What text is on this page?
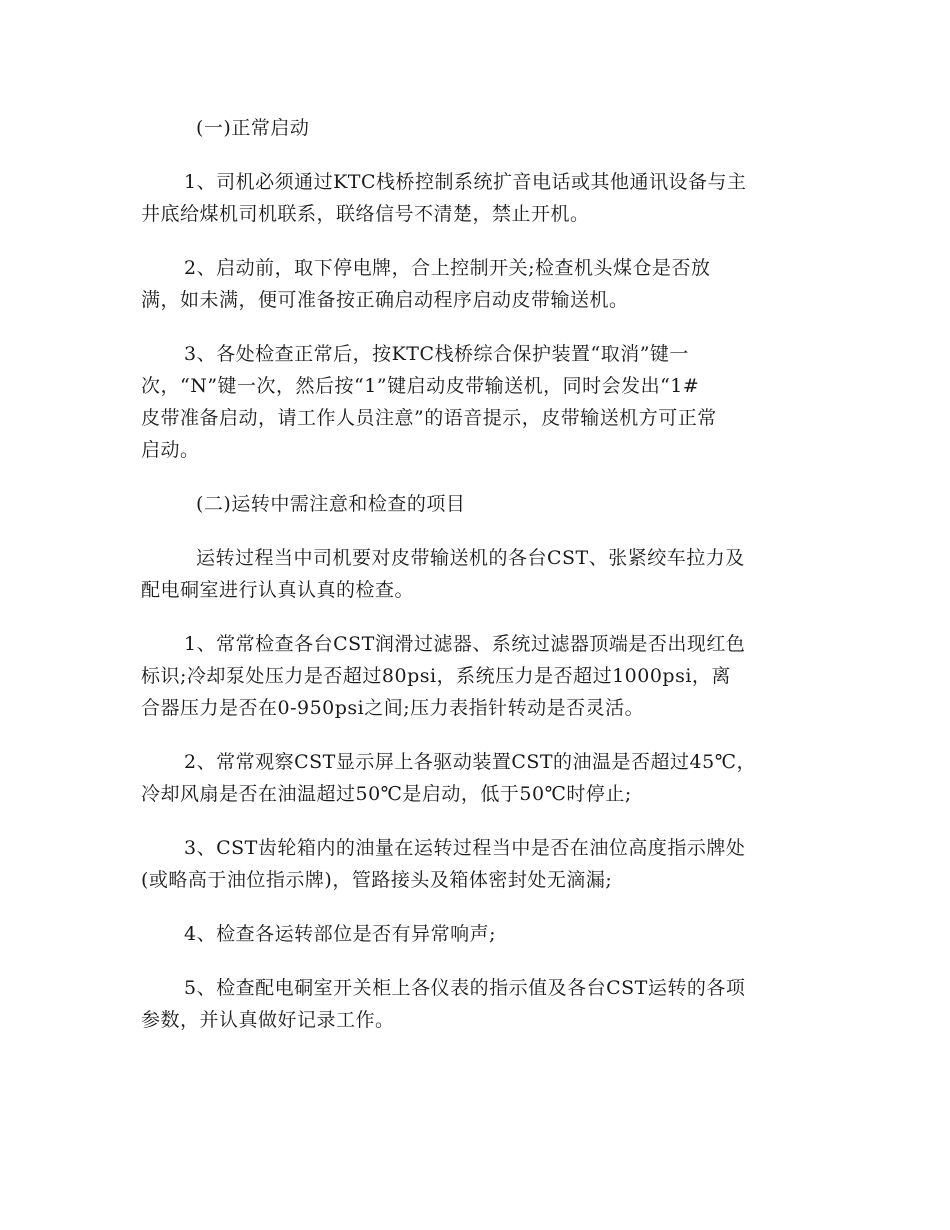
(一)正常启动
1、司机必须通过KTC栈桥控制系统扩音电话或其他通讯设备与主
井底给煤机司机联系，联络信号不清楚，禁止开机。
2、启动前，取下停电牌，合上控制开关;检查机头煤仓是否放
满，如未满，便可准备按正确启动程序启动皮带输送机。
3、各处检查正常后，按KTC栈桥综合保护装置“取消”键一
次，“N”键一次，然后按“1”键启动皮带输送机，同时会发出“1#
皮带准备启动，请工作人员注意”的语音提示，皮带输送机方可正常
启动。
(二)运转中需注意和检查的项目
运转过程当中司机要对皮带输送机的各台CST、张紧绞车拉力及
配电硐室进行认真认真的检查。
1、常常检查各台CST润滑过滤器、系统过滤器顶端是否出现红色
标识;冷却泵处压力是否超过80psi，系统压力是否超过1000psi，离
合器压力是否在0-950psi之间;压力表指针转动是否灵活。
2、常常观察CST显示屏上各驱动装置CST的油温是否超过45℃，
冷却风扇是否在油温超过50℃是启动，低于50℃时停止;
3、CST齿轮箱内的油量在运转过程当中是否在油位高度指示牌处
(或略高于油位指示牌)，管路接头及箱体密封处无滴漏;
4、检查各运转部位是否有异常响声;
5、检查配电硐室开关柜上各仪表的指示值及各台CST运转的各项
参数，并认真做好记录工作。
